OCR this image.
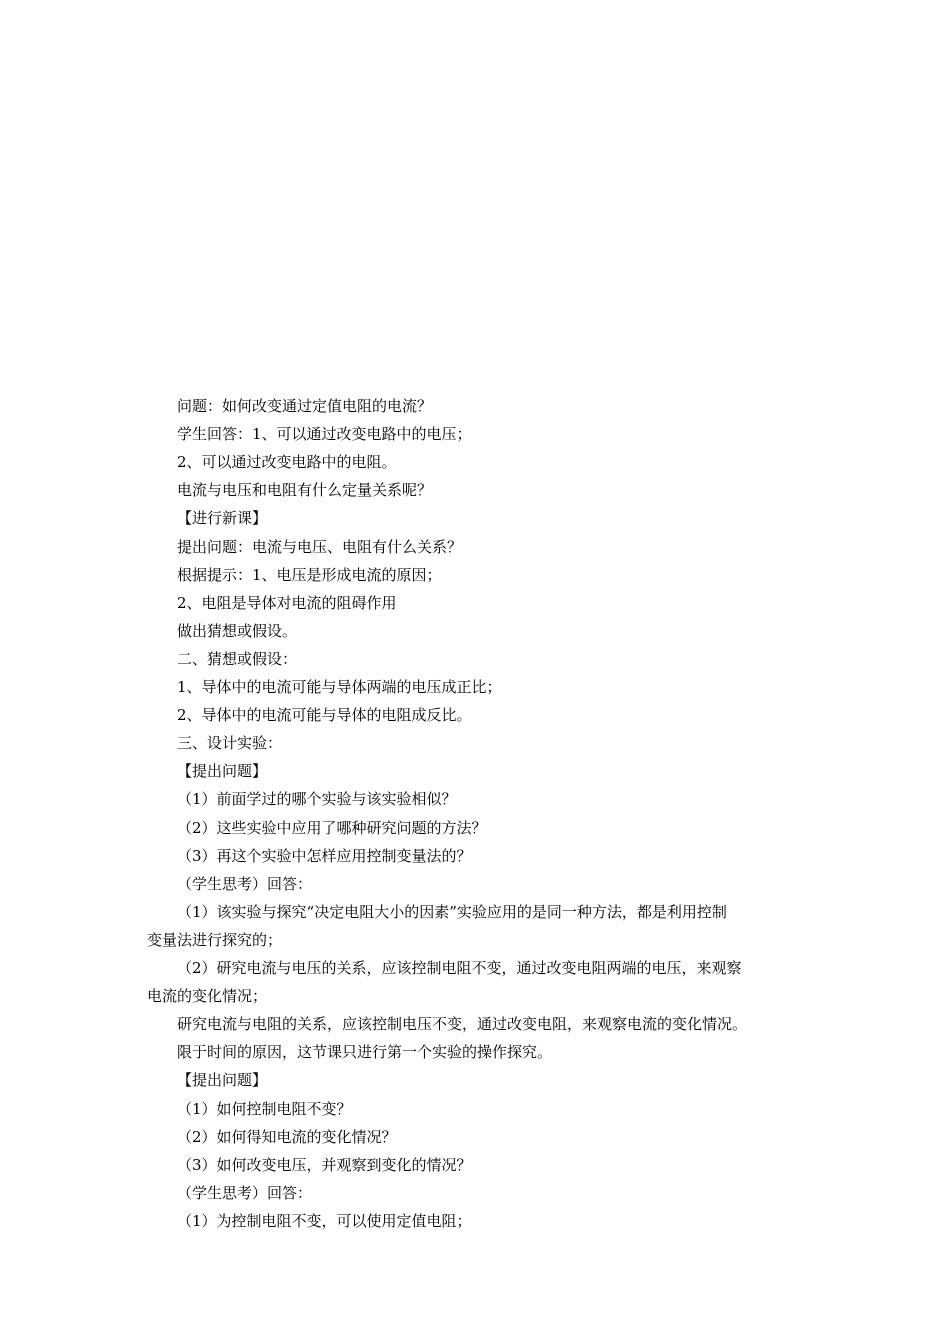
问题：如何改变通过定值电阻的电流？
学生回答：1、可以通过改变电路中的电压；
2、可以通过改变电路中的电阻。
电流与电压和电阻有什么定量关系呢？
【进行新课】
提出问题：电流与电压、电阻有什么关系？
根据提示：1、电压是形成电流的原因；
2、电阻是导体对电流的阻碍作用
做出猜想或假设。
二、猜想或假设：
1、导体中的电流可能与导体两端的电压成正比；
2、导体中的电流可能与导体的电阻成反比。
三、设计实验：
【提出问题】
（1）前面学过的哪个实验与该实验相似？
（2）这些实验中应用了哪种研究问题的方法？
（3）再这个实验中怎样应用控制变量法的？
（学生思考）回答：
（1）该实验与探究“决定电阻大小的因素”实验应用的是同一种方法，都是利用控制
变量法进行探究的；
（2）研究电流与电压的关系，应该控制电阻不变，通过改变电阻两端的电压，来观察
电流的变化情况；
研究电流与电阻的关系，应该控制电压不变，通过改变电阻，来观察电流的变化情况。
限于时间的原因，这节课只进行第一个实验的操作探究。
【提出问题】
（1）如何控制电阻不变？
（2）如何得知电流的变化情况？
（3）如何改变电压，并观察到变化的情况？
（学生思考）回答：
（1）为控制电阻不变，可以使用定值电阻；
